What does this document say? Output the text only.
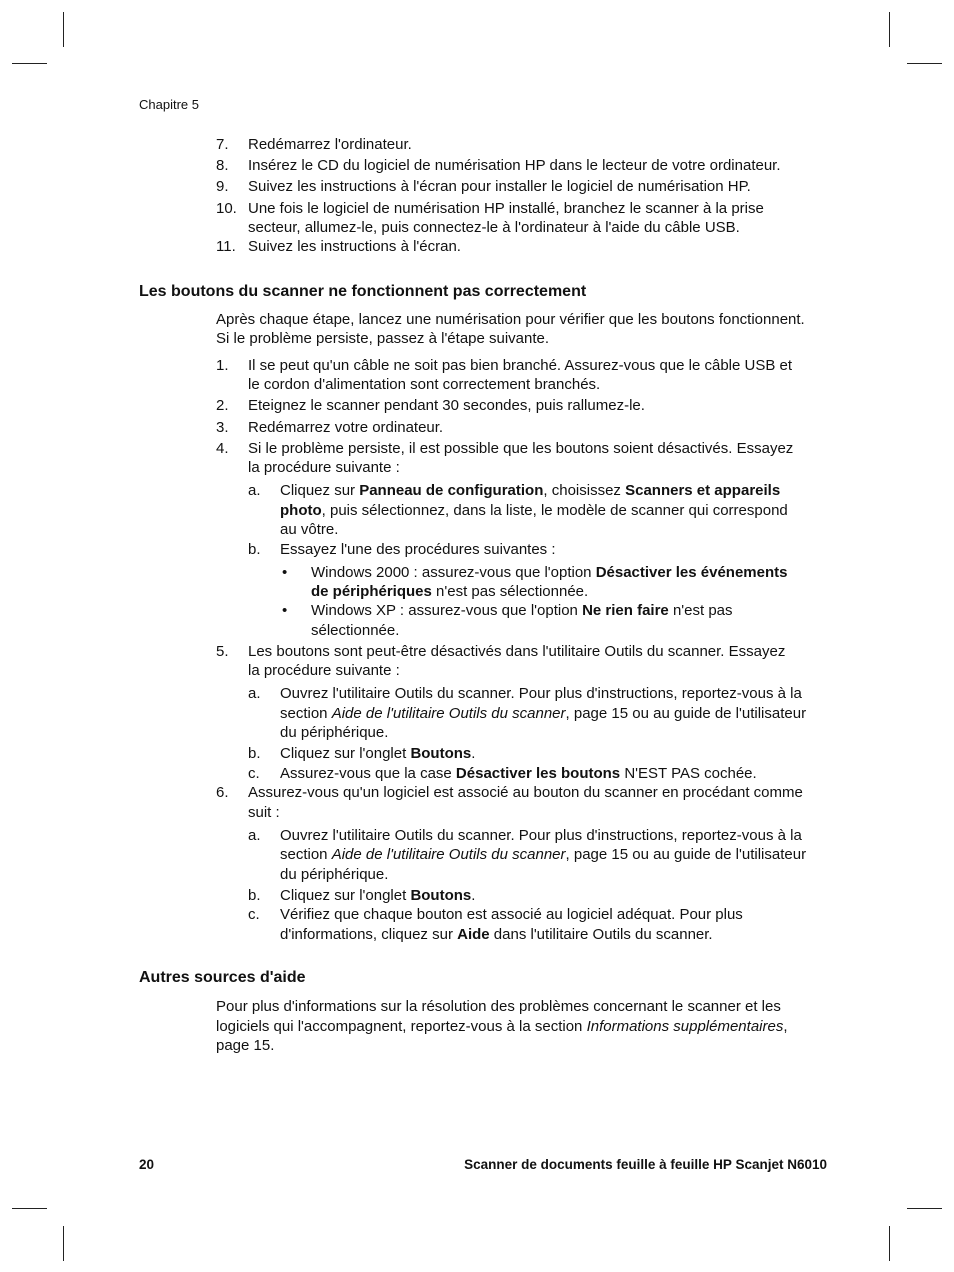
Chapitre 5
7. Redémarrez l'ordinateur.
8. Insérez le CD du logiciel de numérisation HP dans le lecteur de votre ordinateur.
9. Suivez les instructions à l'écran pour installer le logiciel de numérisation HP.
10. Une fois le logiciel de numérisation HP installé, branchez le scanner à la prise
secteur, allumez-le, puis connectez-le à l'ordinateur à l'aide du câble USB.
11. Suivez les instructions à l'écran.
Les boutons du scanner ne fonctionnent pas correctement
Après chaque étape, lancez une numérisation pour vérifier que les boutons fonctionnent.
Si le problème persiste, passez à l'étape suivante.
1. Il se peut qu'un câble ne soit pas bien branché. Assurez-vous que le câble USB et
le cordon d'alimentation sont correctement branchés.
2. Eteignez le scanner pendant 30 secondes, puis rallumez-le.
3. Redémarrez votre ordinateur.
4. Si le problème persiste, il est possible que les boutons soient désactivés. Essayez
la procédure suivante :
a. Cliquez sur Panneau de configuration, choisissez Scanners et appareils
photo, puis sélectionnez, dans la liste, le modèle de scanner qui correspond
au vôtre.
b. Essayez l'une des procédures suivantes :
• Windows 2000 : assurez-vous que l'option Désactiver les événements
de périphériques n'est pas sélectionnée.
• Windows XP : assurez-vous que l'option Ne rien faire n'est pas
sélectionnée.
5. Les boutons sont peut-être désactivés dans l'utilitaire Outils du scanner. Essayez
la procédure suivante :
a. Ouvrez l'utilitaire Outils du scanner. Pour plus d'instructions, reportez-vous à la
section Aide de l'utilitaire Outils du scanner, page 15 ou au guide de l'utilisateur
du périphérique.
b. Cliquez sur l'onglet Boutons.
c. Assurez-vous que la case Désactiver les boutons N'EST PAS cochée.
6. Assurez-vous qu'un logiciel est associé au bouton du scanner en procédant comme
suit :
a. Ouvrez l'utilitaire Outils du scanner. Pour plus d'instructions, reportez-vous à la
section Aide de l'utilitaire Outils du scanner, page 15 ou au guide de l'utilisateur
du périphérique.
b. Cliquez sur l'onglet Boutons.
c. Vérifiez que chaque bouton est associé au logiciel adéquat. Pour plus
d'informations, cliquez sur Aide dans l'utilitaire Outils du scanner.
Autres sources d'aide
Pour plus d'informations sur la résolution des problèmes concernant le scanner et les
logiciels qui l'accompagnent, reportez-vous à la section Informations supplémentaires,
page 15.
20	Scanner de documents feuille à feuille HP Scanjet N6010
